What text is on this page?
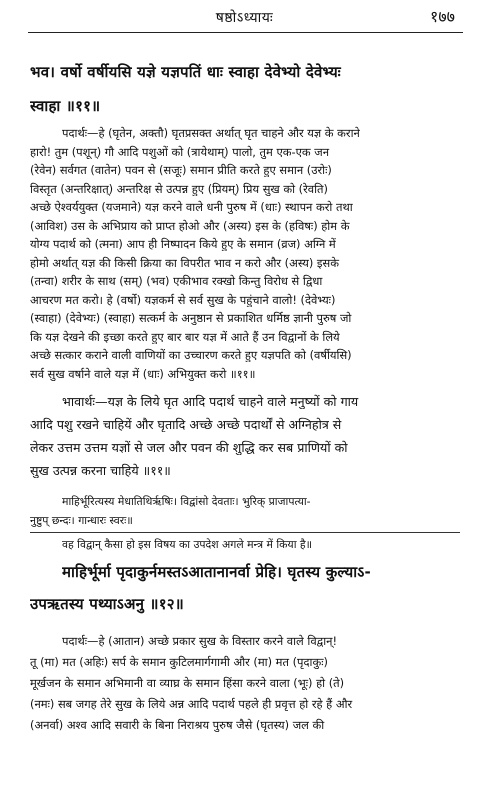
षष्ठोऽध्यायः	१७७
भव। वर्षो वर्षीयसि यज्ञे यज्ञपतिं धाः स्वाहा देवेभ्यो देवेभ्यः
स्वाहा ॥११॥
पदार्थः—हे (घृतेन, अक्तौ) घृतप्रसक्त अर्थात् घृत चाहने और यज्ञ के कराने
हारो! तुम (पशून्) गौ आदि पशुओं को (त्रायेथाम्) पालो, तुम एक-एक जन
(रेवेन) सर्वगत (वातेन) पवन से (सजूः) समान प्रीति करते हुए समान (उरोः)
विस्तृत (अन्तरिक्षात्) अन्तरिक्ष से उत्पन्न हुए (प्रियम्) प्रिय सुख को (रेवति)
अच्छे ऐश्वर्ययुक्त (यजमाने) यज्ञ करने वाले धनी पुरुष में (धाः) स्थापन करो तथा
(आविश) उस के अभिप्राय को प्राप्त होओ और (अस्य) इस के (हविषः) होम के
योग्य पदार्थ को (त्मना) आप ही निष्पादन किये हुए के समान (व्रज) अग्नि में
होमो अर्थात् यज्ञ की किसी क्रिया का विपरीत भाव न करो और (अस्य) इसके
(तन्वा) शरीर के साथ (सम्) (भव) एकीभाव रक्खो किन्तु विरोध से द्विधा
आचरण मत करो। हे (वर्षो) यज्ञकर्म से सर्व सुख के पहुंचाने वालो! (देवेभ्यः)
(स्वाहा) (देवेभ्यः) (स्वाहा) सत्कर्म के अनुष्ठान से प्रकाशित धर्मिष्ठ ज्ञानी पुरुष जो
कि यज्ञ देखने की इच्छा करते हुए बार बार यज्ञ में आते हैं उन विद्वानों के लिये
अच्छे सत्कार कराने वाली वाणियों का उच्चारण करते हुए यज्ञपति को (वर्षीयसि)
सर्व सुख वर्षाने वाले यज्ञ में (धाः) अभियुक्त करो ॥११॥
भावार्थः—यज्ञ के लिये घृत आदि पदार्थ चाहने वाले मनुष्यों को गाय
आदि पशु रखने चाहियें और घृतादि अच्छे अच्छे पदार्थों से अग्निहोत्र से
लेकर उत्तम उत्तम यज्ञों से जल और पवन की शुद्धि कर सब प्राणियों को
सुख उत्पन्न करना चाहिये ॥११॥
माहिर्भूरित्यस्य मेधातिथिर्ऋषिः। विद्वांसो देवताः। भुरिक् प्राजापत्या-
नुष्टुप् छन्दः। गान्धारः स्वरः॥
वह विद्वान् कैसा हो इस विषय का उपदेश अगले मन्त्र में किया है॥
माहिर्भूर्मा पृदाकुर्नमस्तऽआतानानर्वा प्रेहि। घृतस्य कुल्याऽ-
उपऋतस्य पथ्याऽअनु ॥१२॥
पदार्थः—हे (आतान) अच्छे प्रकार सुख के विस्तार करने वाले विद्वान्!
तू (मा) मत (अहिः) सर्प के समान कुटिलमार्गगामी और (मा) मत (पृदाकुः)
मूर्खजन के समान अभिमानी वा व्याघ्र के समान हिंसा करने वाला (भूः) हो (ते)
(नमः) सब जगह तेरे सुख के लिये अन्न आदि पदार्थ पहले ही प्रवृत्त हो रहे हैं और
(अनर्वा) अश्व आदि सवारी के बिना निराश्रय पुरुष जैसे (घृतस्य) जल की
